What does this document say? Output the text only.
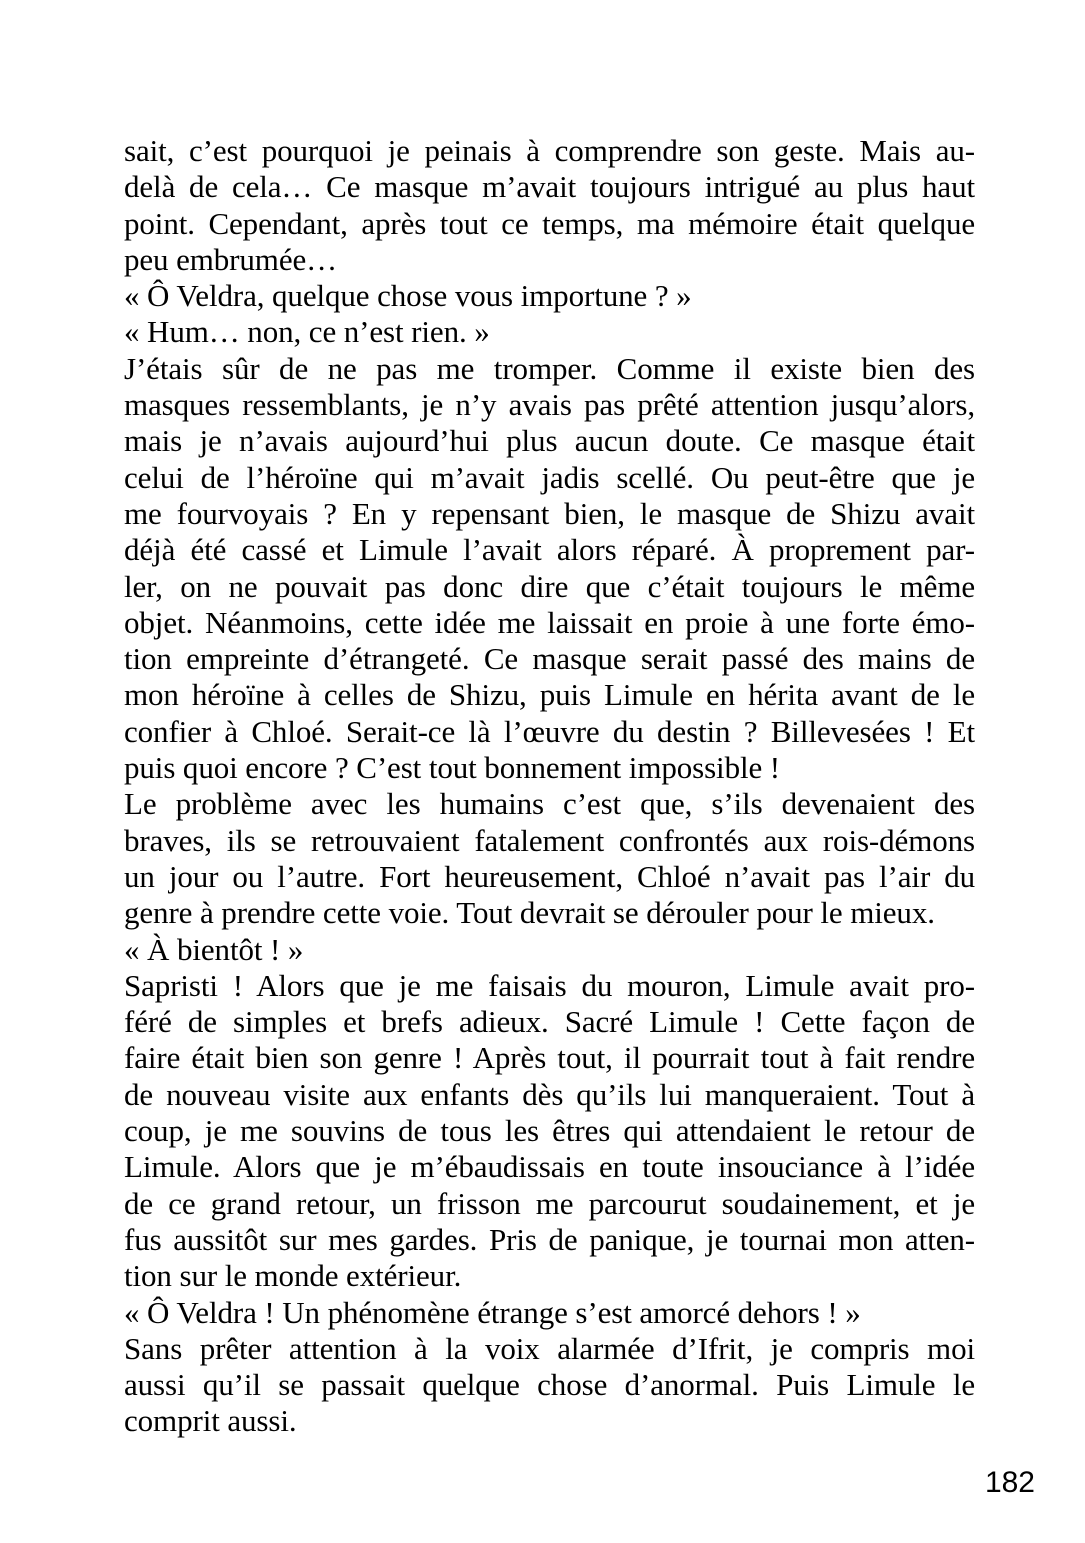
sait, c’est pourquoi je peinais à comprendre son geste. Mais au-
delà de cela… Ce masque m’avait toujours intrigué au plus haut
point. Cependant, après tout ce temps, ma mémoire était quelque
peu embrumée…
« Ô Veldra, quelque chose vous importune ? »
« Hum… non, ce n’est rien. »
J’étais sûr de ne pas me tromper. Comme il existe bien des
masques ressemblants, je n’y avais pas prêté attention jusqu’alors,
mais je n’avais aujourd’hui plus aucun doute. Ce masque était
celui de l’héroïne qui m’avait jadis scellé. Ou peut-être que je
me fourvoyais ? En y repensant bien, le masque de Shizu avait
déjà été cassé et Limule l’avait alors réparé. À proprement par-
ler, on ne pouvait pas donc dire que c’était toujours le même
objet. Néanmoins, cette idée me laissait en proie à une forte émo-
tion empreinte d’étrangeté. Ce masque serait passé des mains de
mon héroïne à celles de Shizu, puis Limule en hérita avant de le
confier à Chloé. Serait-ce là l’œuvre du destin ? Billevesées ! Et
puis quoi encore ? C’est tout bonnement impossible !
Le problème avec les humains c’est que, s’ils devenaient des
braves, ils se retrouvaient fatalement confrontés aux rois-démons
un jour ou l’autre. Fort heureusement, Chloé n’avait pas l’air du
genre à prendre cette voie. Tout devrait se dérouler pour le mieux.
« À bientôt ! »
Sapristi ! Alors que je me faisais du mouron, Limule avait pro-
féré de simples et brefs adieux. Sacré Limule ! Cette façon de
faire était bien son genre ! Après tout, il pourrait tout à fait rendre
de nouveau visite aux enfants dès qu’ils lui manqueraient. Tout à
coup, je me souvins de tous les êtres qui attendaient le retour de
Limule. Alors que je m’ébaudissais en toute insouciance à l’idée
de ce grand retour, un frisson me parcourut soudainement, et je
fus aussitôt sur mes gardes. Pris de panique, je tournai mon atten-
tion sur le monde extérieur.
« Ô Veldra ! Un phénomène étrange s’est amorcé dehors ! »
Sans prêter attention à la voix alarmée d’Ifrit, je compris moi
aussi qu’il se passait quelque chose d’anormal. Puis Limule le
comprit aussi.
182
